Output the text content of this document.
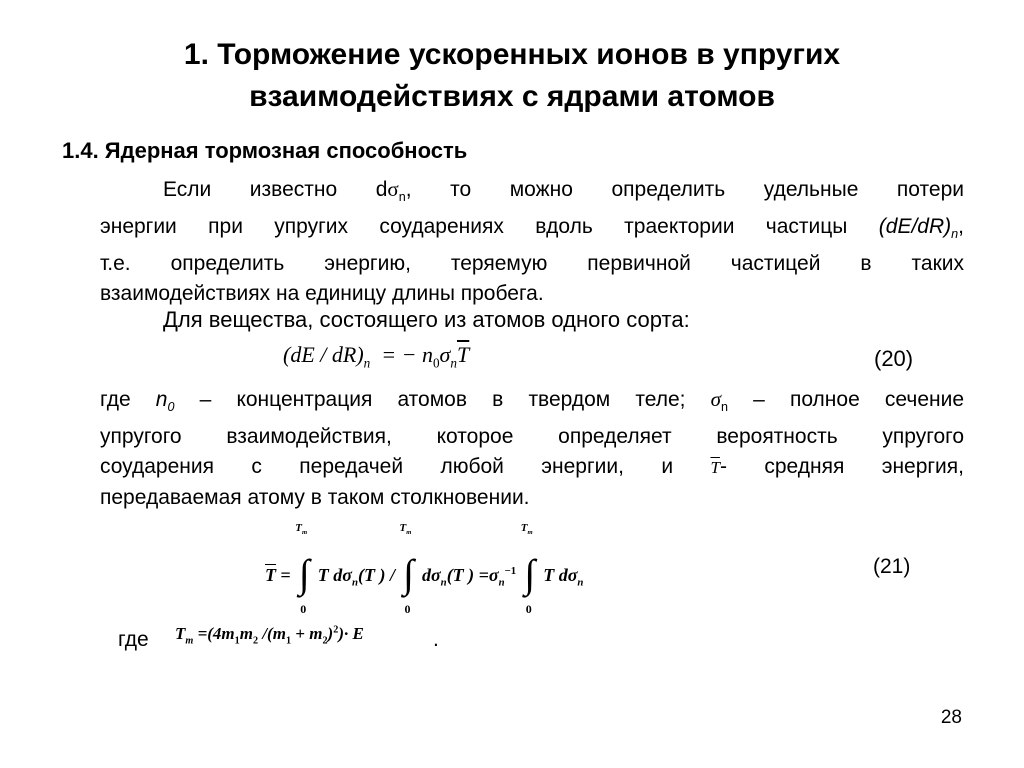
1. Торможение ускоренных ионов в упругих
взаимодействиях с ядрами атомов
1.4. Ядерная тормозная способность
Если известно $d\sigma_n$, то можно определить удельные потери
энергии при упругих соударениях вдоль траектории частицы $(dE/dR)_n$,
т.е. определить энергию, теряемую первичной частицей в таких
взаимодействиях на единицу длины пробега.
Для вещества, состоящего из атомов одного сорта:
$(dE / dR)_n$ = − $n_0\sigma_n\overline{T}$	(20)
где $n_0$ – концентрация атомов в твердом теле; $\sigma_n$ – полное сечение
упругого взаимодействия, которое определяет вероятность упругого
соударения с передачей любой энергии, и $\overline{T}-$ средняя энергия,
передаваемая атому в таком столкновении.
$\overline{T}$ =
$T_m$
∫
0
T $d\sigma_n(T$ ) /
$T_m$
∫
0
$d\sigma_n(T$ ) $=\sigma_n^{-1}$
$T_m$
∫
0
T $d\sigma_n$
(21)
где $T_m =(4m_1m_2$ $/(m_1 + m_2)^2)\cdot E$	.
28
